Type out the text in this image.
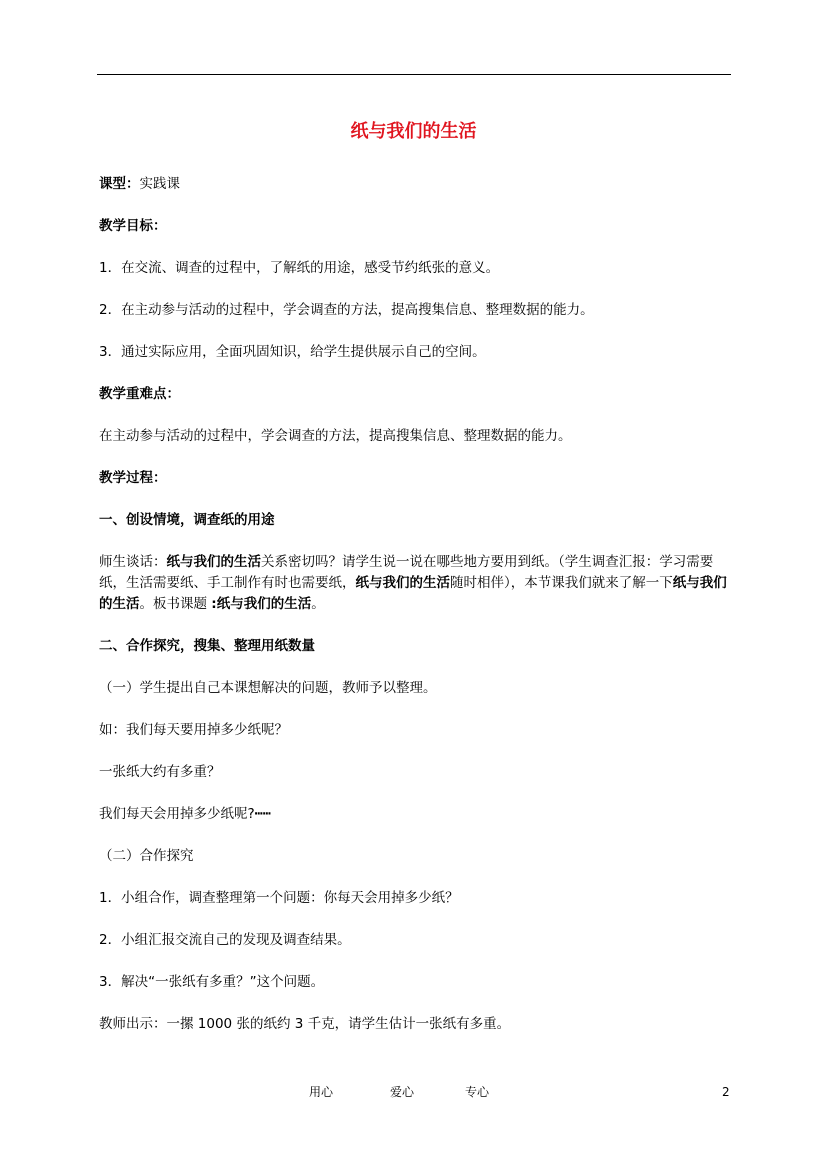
纸与我们的生活

课型：实践课

教学目标：

1．在交流、调查的过程中，了解纸的用途，感受节约纸张的意义。

2．在主动参与活动的过程中，学会调查的方法，提高搜集信息、整理数据的能力。

3．通过实际应用，全面巩固知识，给学生提供展示自己的空间。

教学重难点：

在主动参与活动的过程中，学会调查的方法，提高搜集信息、整理数据的能力。

教学过程：

一、创设情境，调查纸的用途

师生谈话：纸与我们的生活关系密切吗？请学生说一说在哪些地方要用到纸。（学生调查汇报：学习需要纸，生活需要纸、手工制作有时也需要纸，纸与我们的生活随时相伴），本节课我们就来了解一下纸与我们的生活。板书课题 :纸与我们的生活。

二、合作探究，搜集、整理用纸数量

（一）学生提出自己本课想解决的问题，教师予以整理。

如：我们每天要用掉多少纸呢？

一张纸大约有多重？

我们每天会用掉多少纸呢?┅┅

（二）合作探究

1．小组合作，调查整理第一个问题：你每天会用掉多少纸？

2．小组汇报交流自己的发现及调查结果。

3．解决“一张纸有多重？”这个问题。

教师出示：一摞 1000 张的纸约 3 千克，请学生估计一张纸有多重。

用心	爱心	专心	2
